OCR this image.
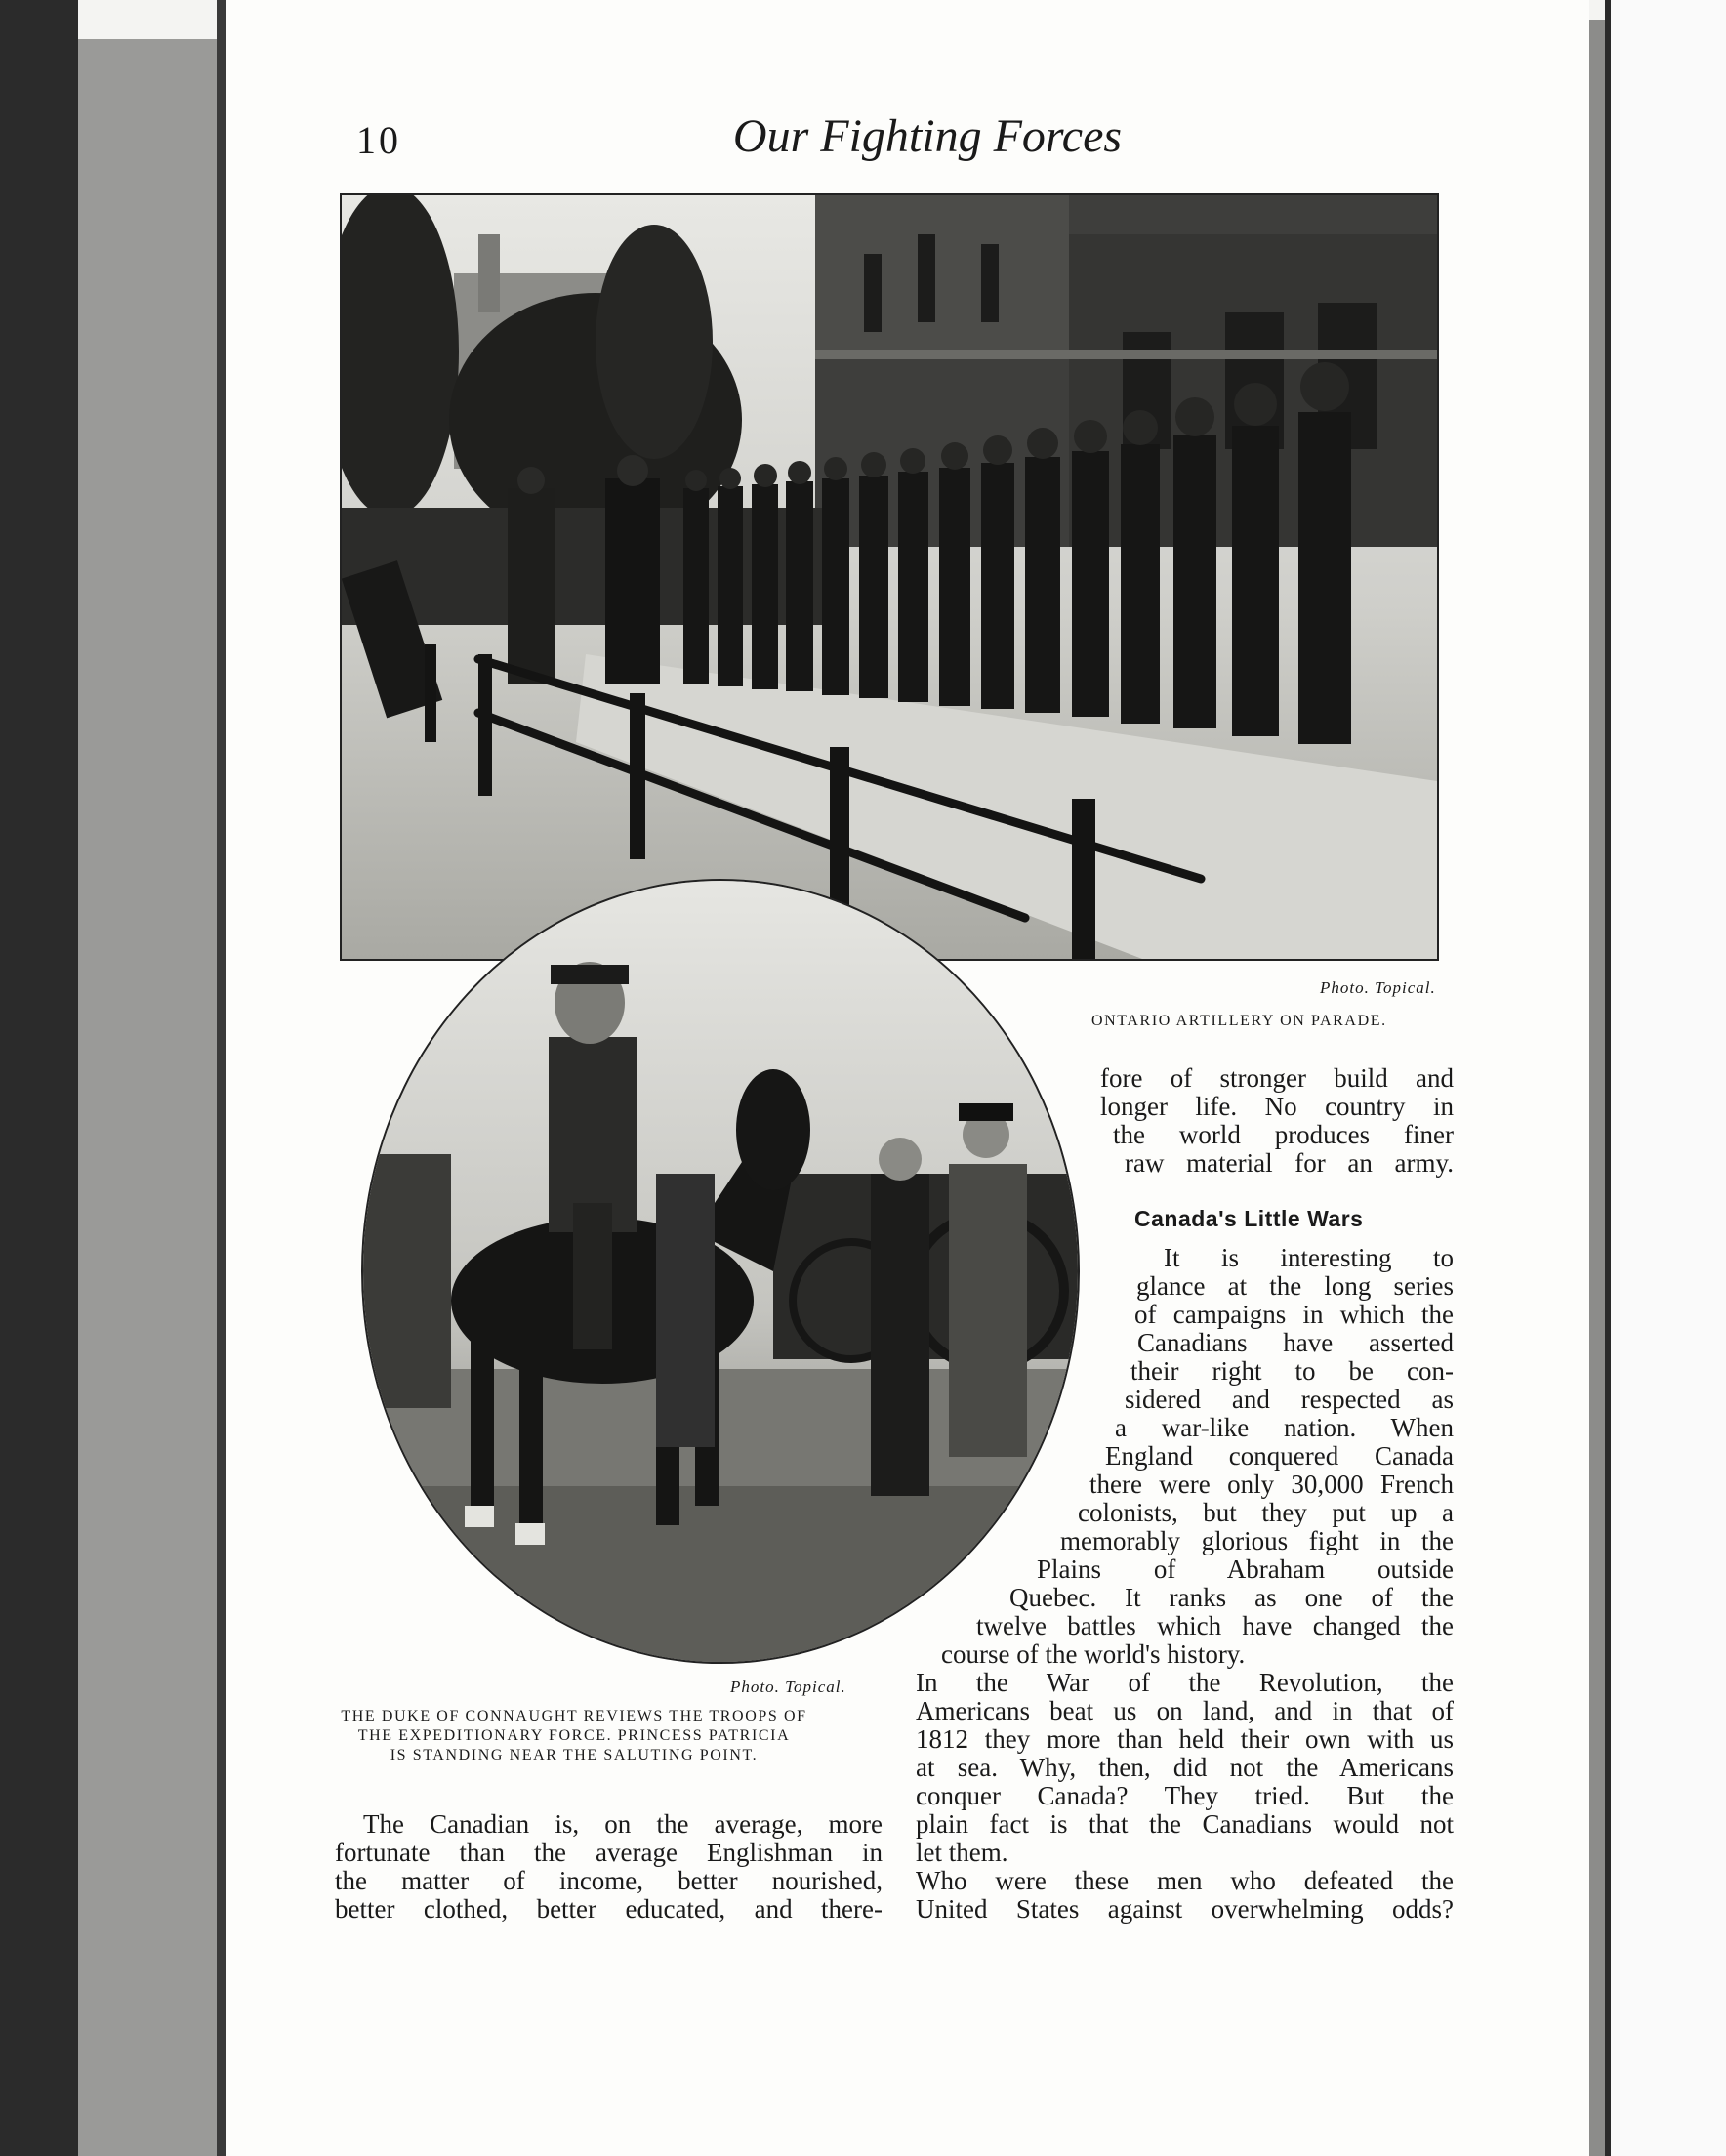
10	Our Fighting Forces
Photo. Topical.
ONTARIO ARTILLERY ON PARADE.
Photo. Topical.
THE DUKE OF CONNAUGHT REVIEWS THE TROOPS OF
THE EXPEDITIONARY FORCE. PRINCESS PATRICIA
IS STANDING NEAR THE SALUTING POINT.
fore of stronger build and
longer life. No country in
the world produces finer
raw material for an army.
Canada's Little Wars
It is interesting to
glance at the long series
of campaigns in which the
Canadians have asserted
their right to be con-
sidered and respected as
a war-like nation. When
England conquered Canada
there were only 30,000 French
colonists, but they put up a
memorably glorious fight in the
Plains of Abraham outside
Quebec. It ranks as one of the
twelve battles which have changed the
course of the world's history.
In the War of the Revolution, the
Americans beat us on land, and in that of
1812 they more than held their own with us
at sea. Why, then, did not the Americans
conquer Canada? They tried. But the
plain fact is that the Canadians would not
let them.
Who were these men who defeated the
United States against overwhelming odds?
The Canadian is, on the average, more
fortunate than the average Englishman in
the matter of income, better nourished,
better clothed, better educated, and there-
